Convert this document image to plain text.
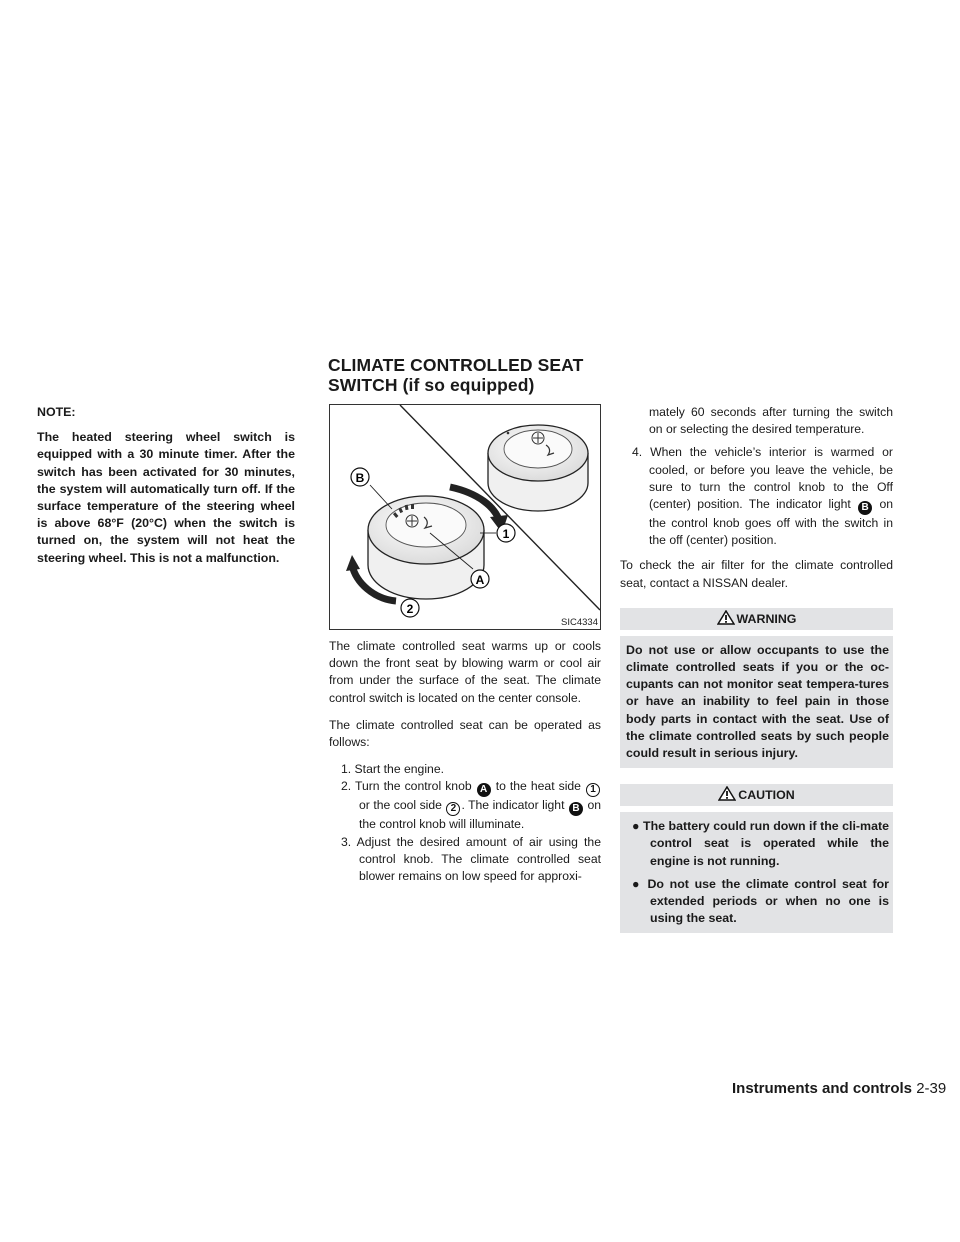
CLIMATE CONTROLLED SEAT
SWITCH (if so equipped)
NOTE:
The heated steering wheel switch is equipped with a 30 minute timer. After the switch has been activated for 30 minutes, the system will automatically turn off. If the surface temperature of the steering wheel is above 68°F (20°C) when the switch is turned on, the system will not heat the steering wheel. This is not a malfunction.
B
1
A
2
SIC4334

The climate controlled seat warms up or cools down the front seat by blowing warm or cool air from under the surface of the seat. The climate control switch is located on the center console.

The climate controlled seat can be operated as follows:

1. Start the engine.
2. Turn the control knob A to the heat side 1 or the cool side 2 . The indicator light B on the control knob will illuminate.
3. Adjust the desired amount of air using the control knob. The climate controlled seat blower remains on low speed for approxi-
mately 60 seconds after turning the switch on or selecting the desired temperature.
4. When the vehicle’s interior is warmed or cooled, or before you leave the vehicle, be sure to turn the control knob to the Off (center) position. The indicator light B on the control knob goes off with the switch in the off (center) position.

To check the air filter for the climate controlled seat, contact a NISSAN dealer.

WARNING
Do not use or allow occupants to use the climate controlled seats if you or the oc-cupants can not monitor seat tempera-tures or have an inability to feel pain in those body parts in contact with the seat. Use of the climate controlled seats by such people could result in serious injury.
CAUTION
● The battery could run down if the cli-mate control seat is operated while the engine is not running.
● Do not use the climate control seat for extended periods or when no one is using the seat.
Instruments and controls 2-39
